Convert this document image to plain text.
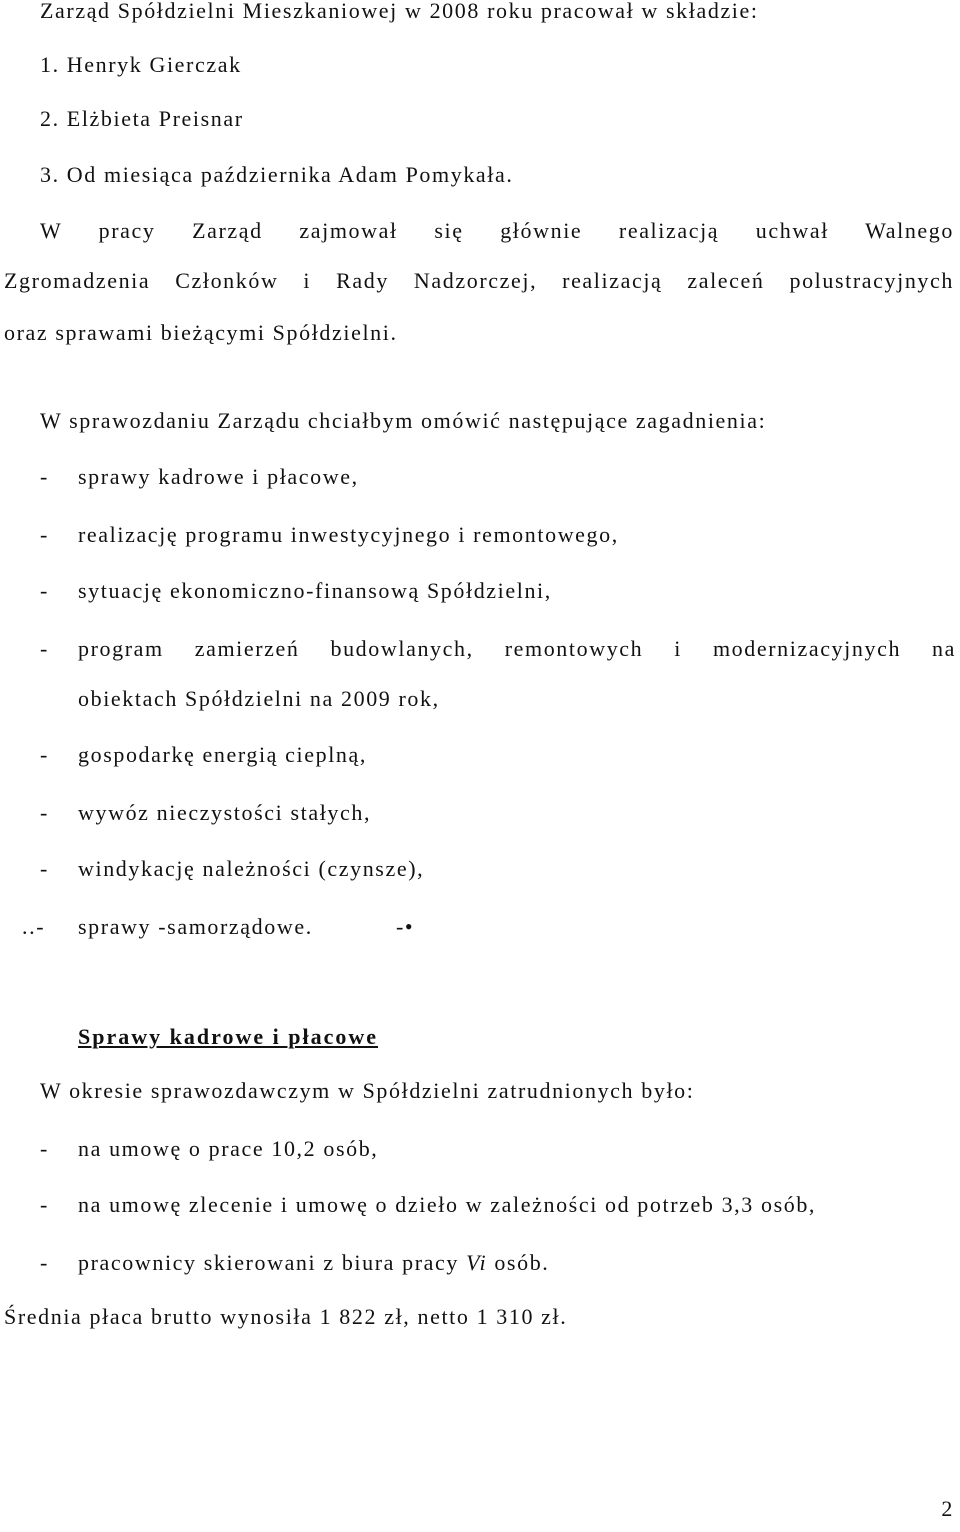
Zarząd Spółdzielni Mieszkaniowej w 2008 roku pracował w składzie:
1. Henryk Gierczak
2. Elżbieta Preisnar
3. Od miesiąca października Adam Pomykała.
W pracy Zarząd zajmował się głównie realizacją uchwał Walnego
Zgromadzenia Członków i Rady Nadzorczej, realizacją zaleceń polustracyjnych
oraz sprawami bieżącymi Spółdzielni.
W sprawozdaniu Zarządu chciałbym omówić następujące zagadnienia:
- sprawy kadrowe i płacowe,
- realizację programu inwestycyjnego i remontowego,
- sytuację ekonomiczno-finansową Spółdzielni,
- program zamierzeń budowlanych, remontowych i modernizacyjnych na
obiektach Spółdzielni na 2009 rok,
- gospodarkę energią cieplną,
- wywóz nieczystości stałych,
- windykację należności (czynsze),
..- sprawy -samorządowe.	-•
Sprawy kadrowe i płacowe
W okresie sprawozdawczym w Spółdzielni zatrudnionych było:
- na umowę o prace 10,2 osób,
- na umowę zlecenie i umowę o dzieło w zależności od potrzeb 3,3 osób,
- pracownicy skierowani z biura pracy Vi osób.
Średnia płaca brutto wynosiła 1 822 zł, netto 1 310 zł.
2
